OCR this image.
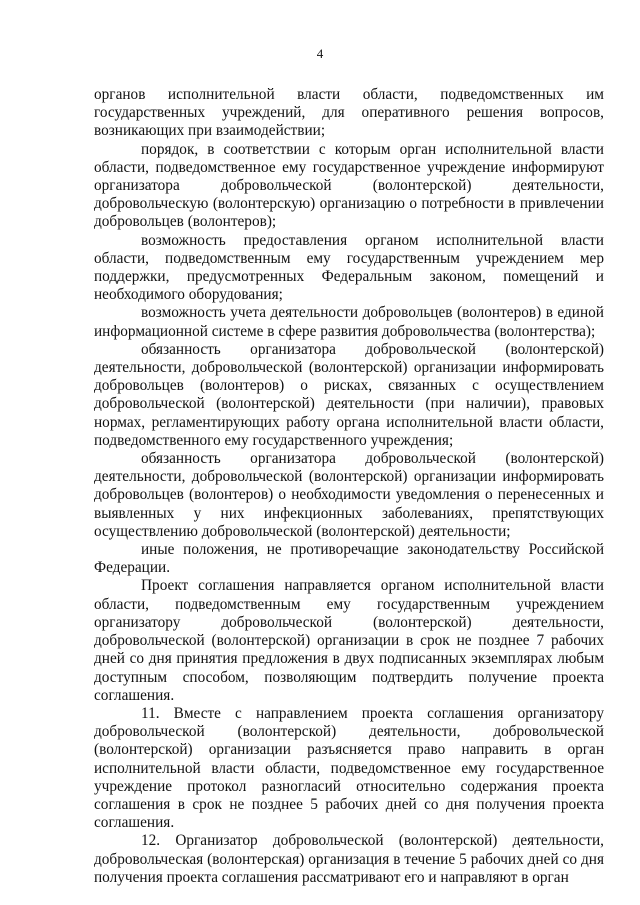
4

органов исполнительной власти области, подведомственных им государственных учреждений, для оперативного решения вопросов, возникающих при взаимодействии;

порядок, в соответствии с которым орган исполнительной власти области, подведомственное ему государственное учреждение информируют организатора добровольческой (волонтерской) деятельности, добровольческую (волонтерскую) организацию о потребности в привлечении добровольцев (волонтеров);

возможность предоставления органом исполнительной власти области, подведомственным ему государственным учреждением мер поддержки, предусмотренных Федеральным законом, помещений и необходимого оборудования;

возможность учета деятельности добровольцев (волонтеров) в единой информационной системе в сфере развития добровольчества (волонтерства);

обязанность организатора добровольческой (волонтерской) деятельности, добровольческой (волонтерской) организации информировать добровольцев (волонтеров) о рисках, связанных с осуществлением добровольческой (волонтерской) деятельности (при наличии), правовых нормах, регламентирующих работу органа исполнительной власти области, подведомственного ему государственного учреждения;

обязанность организатора добровольческой (волонтерской) деятельности, добровольческой (волонтерской) организации информировать добровольцев (волонтеров) о необходимости уведомления о перенесенных и выявленных у них инфекционных заболеваниях, препятствующих осуществлению добровольческой (волонтерской) деятельности;

иные положения, не противоречащие законодательству Российской Федерации.

Проект соглашения направляется органом исполнительной власти области, подведомственным ему государственным учреждением организатору добровольческой (волонтерской) деятельности, добровольческой (волонтерской) организации в срок не позднее 7 рабочих дней со дня принятия предложения в двух подписанных экземплярах любым доступным способом, позволяющим подтвердить получение проекта соглашения.

11. Вместе с направлением проекта соглашения организатору добровольческой (волонтерской) деятельности, добровольческой (волонтерской) организации разъясняется право направить в орган исполнительной власти области, подведомственное ему государственное учреждение протокол разногласий относительно содержания проекта соглашения в срок не позднее 5 рабочих дней со дня получения проекта соглашения.

12. Организатор добровольческой (волонтерской) деятельности, добровольческая (волонтерская) организация в течение 5 рабочих дней со дня получения проекта соглашения рассматривают его и направляют в орган
